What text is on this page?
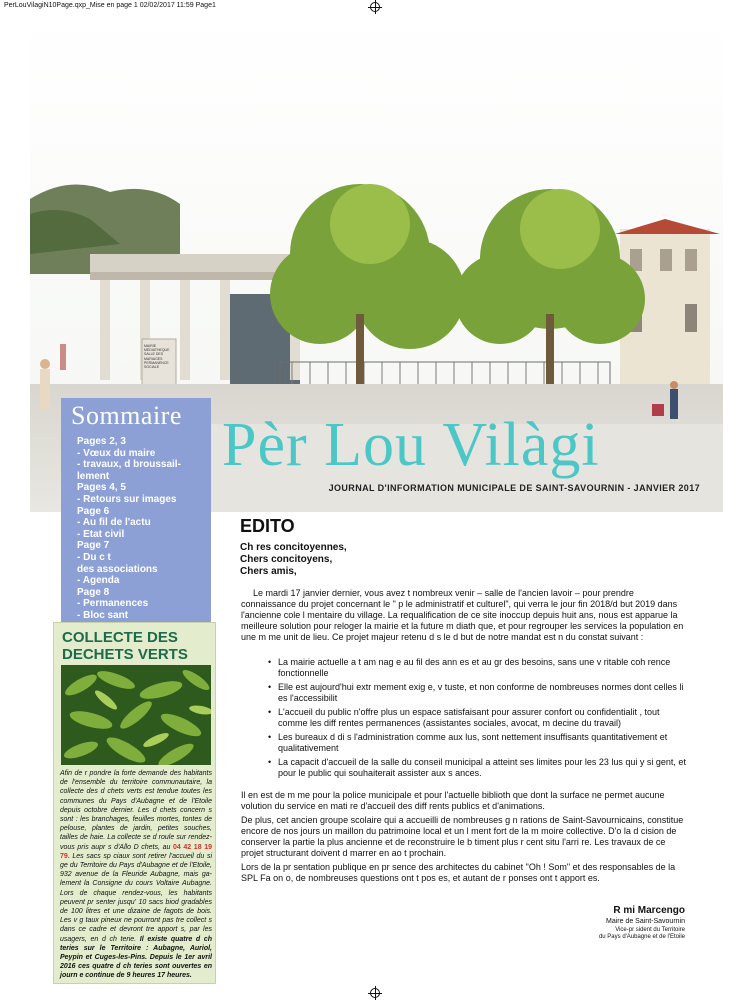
PerLouVilagiN10Page.qxp_Mise en page 1 02/02/2017 11:59 Page1
MAIRIE
MEDIATHEQUE
SALLE DES MARIAGES
PERMANENCE SOCIALE
Pèr Lou Vilàgi
JOURNAL D'INFORMATION MUNICIPALE DE SAINT-SAVOURNIN - JANVIER 2017
Sommaire
Pages 2, 3
- Vœux du maire
- travaux, d broussail-
lement
Pages 4, 5
- Retours sur images
Page 6
- Au fil de l'actu
- Etat civil
Page 7
- Du c t
des associations
- Agenda
Page 8
- Permanences
- Bloc sant
COLLECTE DES
DECHETS VERTS
Afin de r pondre la forte demande des habitants de l'ensemble du territoire communautaire, la collecte des d chets verts est tendue toutes les communes du Pays d'Aubagne et de l'Etoile depuis octobre dernier. Les d chets concern s sont : les branchages, feuilles mortes, tontes de pelouse, plantes de jardin, petites souches, tailles de haie. La collecte se d roule sur rendez-vous pris aupr s d'Allo D chets, au 04 42 18 19 79. Les sacs sp ciaux sont retirer l'accueil du si ge du Territoire du Pays d'Aubagne et de l'Etoile, 932 avenue de la Fleuride Aubagne, mais ga- lement la Consigne du cours Voltaire Aubagne. Lors de chaque rendez-vous, les habitants peuvent pr senter jusqu' 10 sacs biod gradables de 100 litres et une dizaine de fagots de bois. Les v g taux pineux ne pourront pas tre collect s dans ce cadre et devront tre apport s, par les usagers, en d ch terie. Il existe quatre d ch teries sur le Territoire : Aubagne, Auriol, Peypin et Cuges-les-Pins. Depuis le 1er avril 2016 ces quatre d ch teries sont ouvertes en journ e continue de 9 heures 17 heures.
EDITO
Ch res concitoyennes,
Chers concitoyens,
Chers amis,
Le mardi 17 janvier dernier, vous avez t nombreux venir – salle de l'ancien lavoir – pour prendre connaissance du projet concernant le " p le administratif et culturel", qui verra le jour fin 2018/d but 2019 dans l'ancienne cole l mentaire du village. La requalification de ce site inoccup depuis huit ans, nous est apparue la meilleure solution pour reloger la mairie et la future m diath que, et pour regrouper les services la population en une m me unit de lieu. Ce projet majeur retenu d s le d but de notre mandat est n du constat suivant :
• La mairie actuelle a t am nag e au fil des ann es et au gr des besoins, sans une v ritable coh rence fonctionnelle
• Elle est aujourd'hui extr mement exig e, v tuste, et non conforme de nombreuses normes dont celles li es l'accessibilit
• L'accueil du public n'offre plus un espace satisfaisant pour assurer confort ou confidentialit , tout comme les diff rentes permanences (assistantes sociales, avocat, m decine du travail)
• Les bureaux d di s l'administration comme aux lus, sont nettement insuffisants quantitativement et qualitativement
• La capacit d'accueil de la salle du conseil municipal a atteint ses limites pour les 23 lus qui y si gent, et pour le public qui souhaiterait assister aux s ances.
Il en est de m me pour la police municipale et pour l'actuelle biblioth que dont la surface ne permet aucune volution du service en mati re d'accueil des diff rents publics et d'animations.
De plus, cet ancien groupe scolaire qui a accueilli de nombreuses g n rations de Saint-Savournicains, constitue encore de nos jours un maillon du patrimoine local et un l ment fort de la m moire collective. D'o la d cision de conserver la partie la plus ancienne et de reconstruire le b timent plus r cent situ l'arri re. Les travaux de ce projet structurant doivent d marrer en ao t prochain.
Lors de la pr sentation publique en pr sence des architectes du cabinet "Oh ! Som" et des responsables de la SPL Fa on o, de nombreuses questions ont t pos es, et autant de r ponses ont t apport es.
R mi Marcengo
Maire de Saint-Savournin
Vice-pr sident du Territoire
du Pays d'Aubagne et de l'Etoile
